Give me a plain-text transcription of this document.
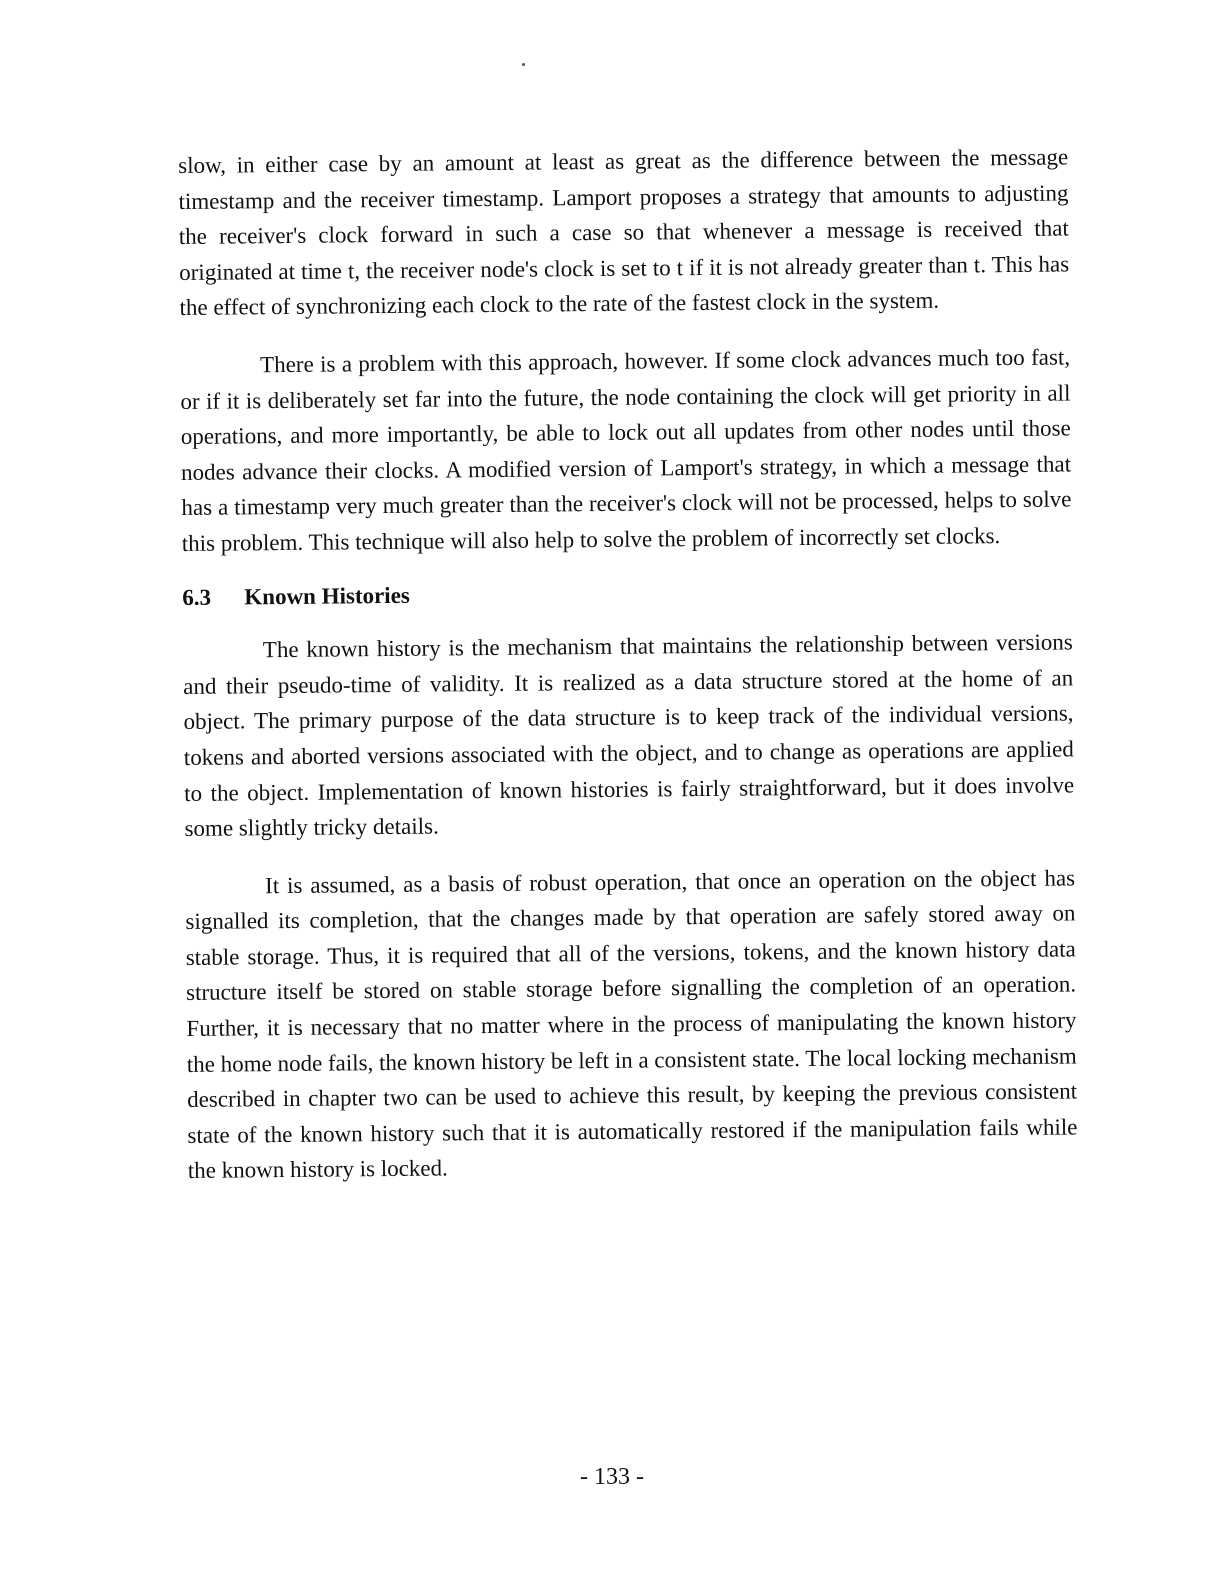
slow, in either case by an amount at least as great as the difference between the message timestamp and the receiver timestamp. Lamport proposes a strategy that amounts to adjusting the receiver's clock forward in such a case so that whenever a message is received that originated at time t, the receiver node's clock is set to t if it is not already greater than t. This has the effect of synchronizing each clock to the rate of the fastest clock in the system.

There is a problem with this approach, however. If some clock advances much too fast, or if it is deliberately set far into the future, the node containing the clock will get priority in all operations, and more importantly, be able to lock out all updates from other nodes until those nodes advance their clocks. A modified version of Lamport's strategy, in which a message that has a timestamp very much greater than the receiver's clock will not be processed, helps to solve this problem. This technique will also help to solve the problem of incorrectly set clocks.

6.3 Known Histories

The known history is the mechanism that maintains the relationship between versions and their pseudo-time of validity. It is realized as a data structure stored at the home of an object. The primary purpose of the data structure is to keep track of the individual versions, tokens and aborted versions associated with the object, and to change as operations are applied to the object. Implementation of known histories is fairly straightforward, but it does involve some slightly tricky details.

It is assumed, as a basis of robust operation, that once an operation on the object has signalled its completion, that the changes made by that operation are safely stored away on stable storage. Thus, it is required that all of the versions, tokens, and the known history data structure itself be stored on stable storage before signalling the completion of an operation. Further, it is necessary that no matter where in the process of manipulating the known history the home node fails, the known history be left in a consistent state. The local locking mechanism described in chapter two can be used to achieve this result, by keeping the previous consistent state of the known history such that it is automatically restored if the manipulation fails while the known history is locked.

- 133 -
